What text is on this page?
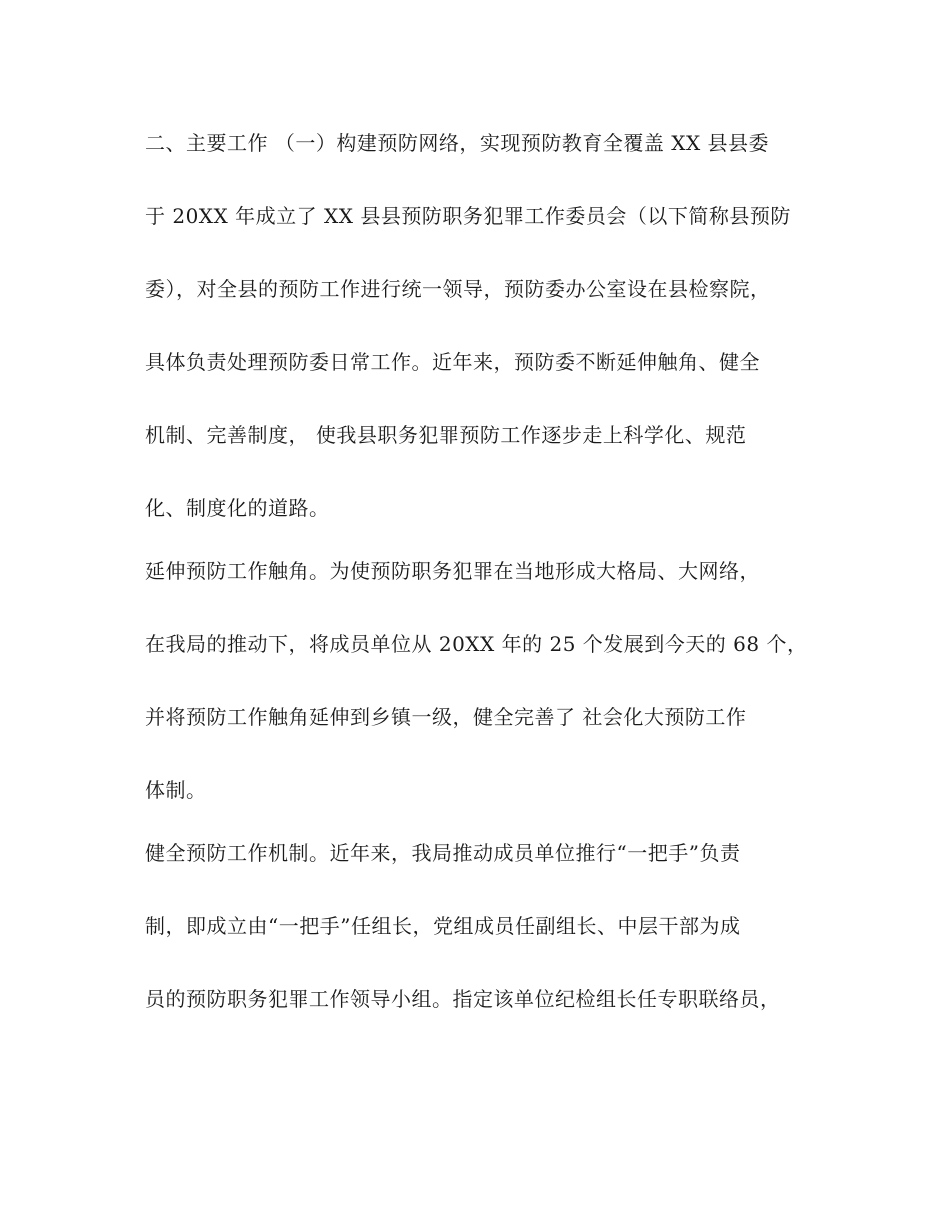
二、主要工作 （一）构建预防网络，实现预防教育全覆盖 XX 县县委
于 20XX 年成立了 XX 县县预防职务犯罪工作委员会（以下简称县预防
委），对全县的预防工作进行统一领导，预防委办公室设在县检察院，
具体负责处理预防委日常工作。近年来，预防委不断延伸触角、健全
机制、完善制度， 使我县职务犯罪预防工作逐步走上科学化、规范
化、制度化的道路。
延伸预防工作触角。为使预防职务犯罪在当地形成大格局、大网络，
在我局的推动下，将成员单位从 20XX 年的 25 个发展到今天的 68 个，
并将预防工作触角延伸到乡镇一级，健全完善了 社会化大预防工作
体制。
健全预防工作机制。近年来，我局推动成员单位推行“一把手”负责
制，即成立由“一把手”任组长，党组成员任副组长、中层干部为成
员的预防职务犯罪工作领导小组。指定该单位纪检组长任专职联络员，
